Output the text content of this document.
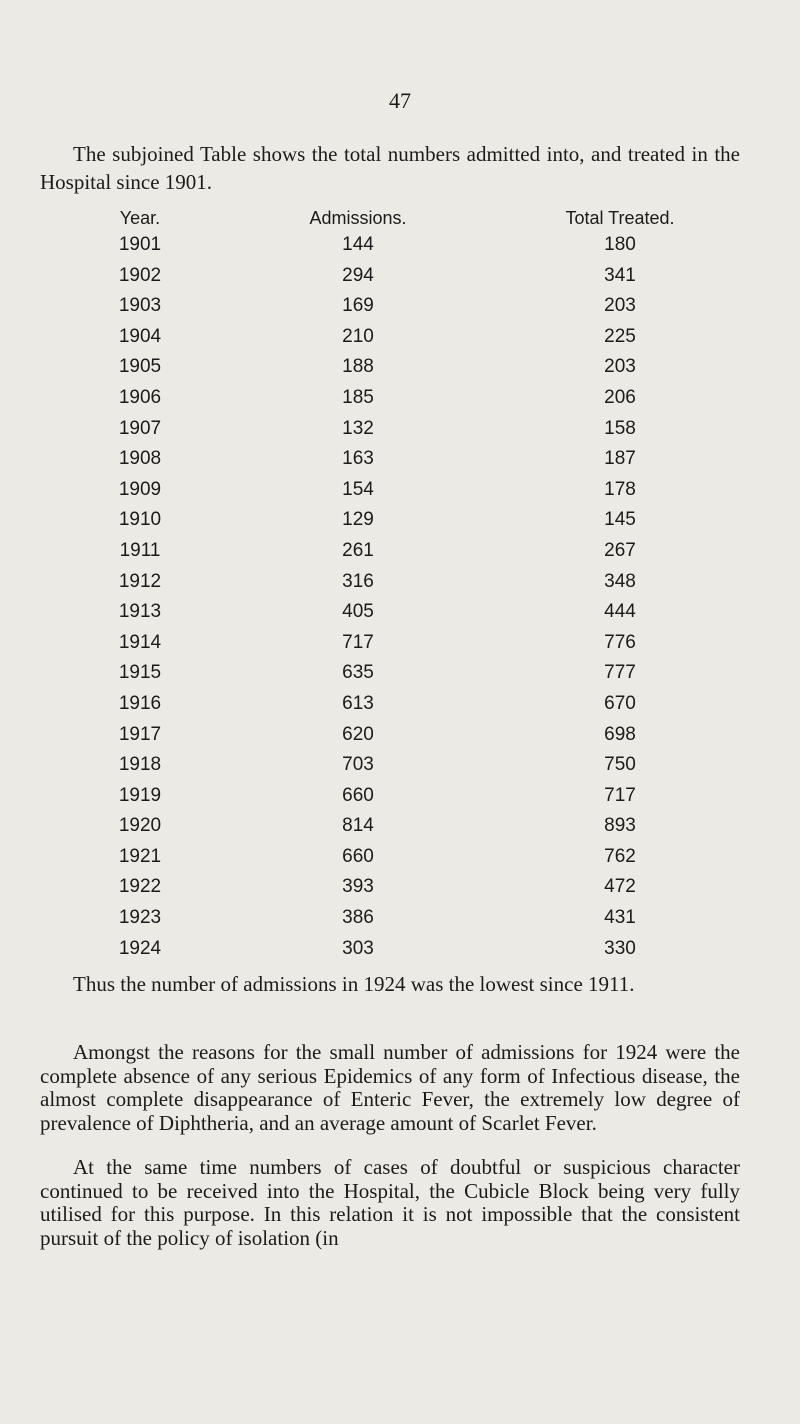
47

The subjoined Table shows the total numbers admitted into, and treated in the Hospital since 1901.

Year.	Admissions.	Total Treated.
1901	144	180
1902	294	341
1903	169	203
1904	210	225
1905	188	203
1906	185	206
1907	132	158
1908	163	187
1909	154	178
1910	129	145
1911	261	267
1912	316	348
1913	405	444
1914	717	776
1915	635	777
1916	613	670
1917	620	698
1918	703	750
1919	660	717
1920	814	893
1921	660	762
1922	393	472
1923	386	431
1924	303	330

Thus the number of admissions in 1924 was the lowest since 1911.

Amongst the reasons for the small number of admissions for 1924 were the complete absence of any serious Epidemics of any form of Infectious disease, the almost complete disappearance of Enteric Fever, the extremely low degree of prevalence of Diphtheria, and an average amount of Scarlet Fever.

At the same time numbers of cases of doubtful or suspicious character continued to be received into the Hospital, the Cubicle Block being very fully utilised for this purpose. In this relation it is not impossible that the consistent pursuit of the policy of isolation (in
